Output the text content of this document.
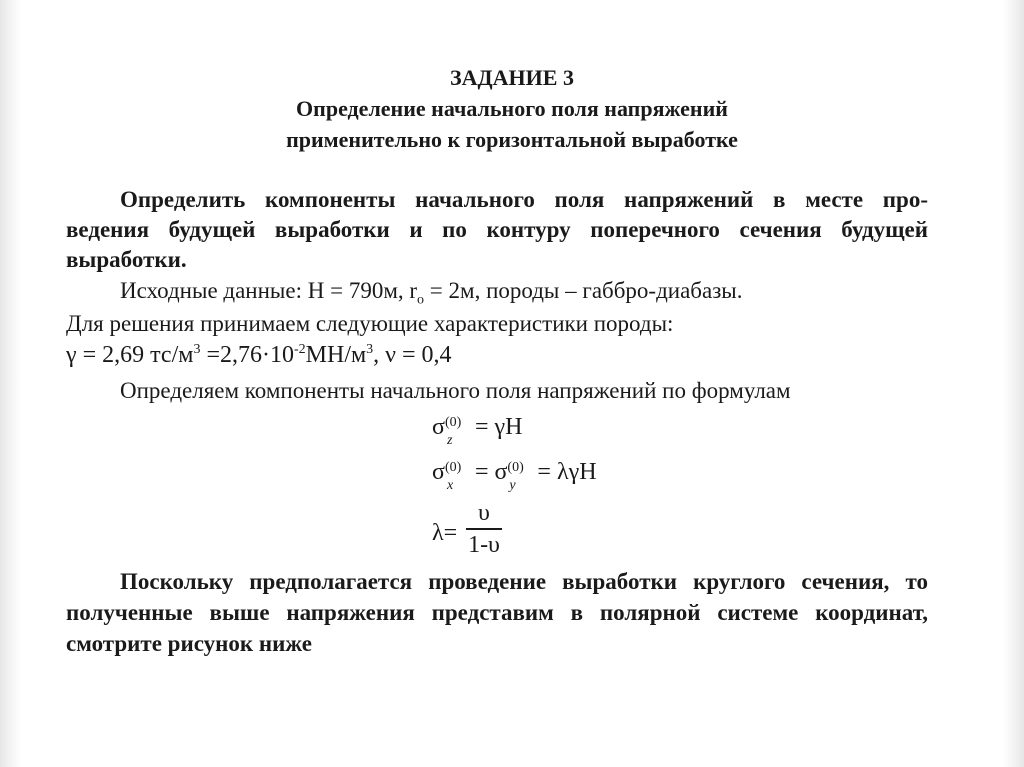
ЗАДАНИЕ 3
Определение начального поля напряжений
применительно к горизонтальной выработке
Определить компоненты начального поля напряжений в месте про-
ведения будущей выработки и по контуру поперечного сечения будущей
выработки.
Исходные данные: H = 790м, $r_o = 2м$, породы – габбро-диабазы.
Для решения принимаем следующие характеристики породы:
γ = 2,69 $тс/м^3 =2,76\cdot 10^{-2}МН/м^3$, ν = 0,4
Определяем компоненты начального поля напряжений по формулам
σ (0)
z
= γH
σ (0)
x
= σ (0)
y
= λγH
λ=
υ
1-υ
Поскольку предполагается проведение выработки круглого сечения, то
полученные выше напряжения представим в полярной системе координат,
смотрите рисунок ниже
